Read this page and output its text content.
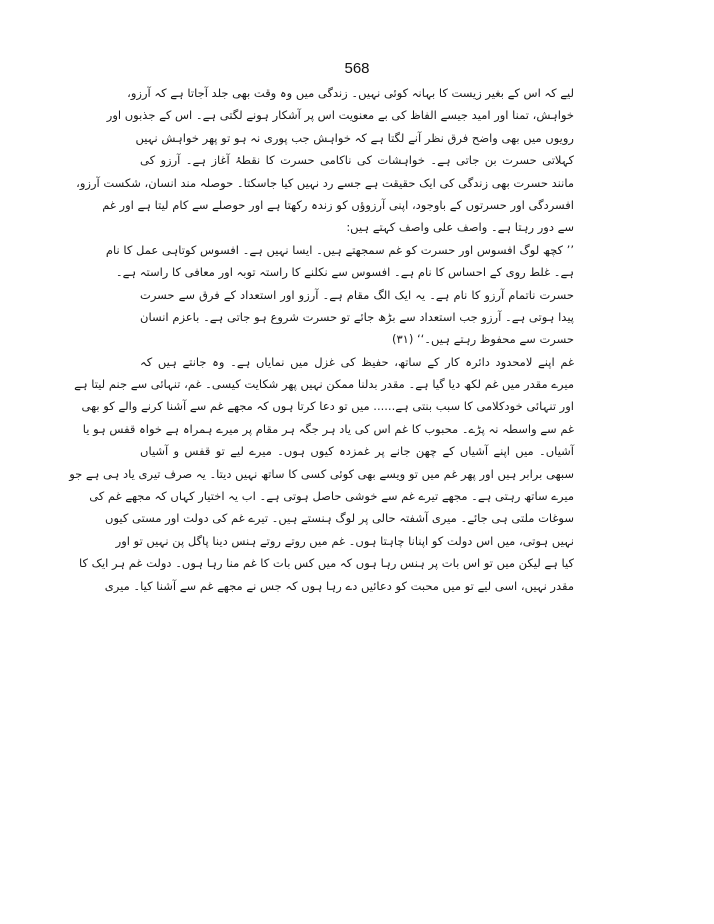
568
لیے کہ اس کے بغیر زیست کا بہانہ کوئی نہیں۔ زندگی میں وہ وقت بھی جلد آجاتا ہے کہ آرزو،
خواہش، تمنا اور امید جیسے الفاظ کی بے معنویت اس پر آشکار ہونے لگتی ہے۔ اس کے جذبوں اور
رویوں میں بھی واضح فرق نظر آنے لگتا ہے کہ خواہش جب پوری نہ ہو تو پھر خواہش نہیں
کہلاتی حسرت بن جاتی ہے۔ خواہشات کی ناکامی حسرت کا نقطۂ آغاز ہے۔ آرزو کی
مانند حسرت بھی زندگی کی ایک حقیقت ہے جسے رد نہیں کیا جاسکتا۔ حوصلہ مند انسان، شکست آرزو،
افسردگی اور حسرتوں کے باوجود، اپنی آرزوؤں کو زندہ رکھتا ہے اور حوصلے سے کام لیتا ہے اور غم
سے دور رہتا ہے۔ واصف علی واصف کہتے ہیں:
’’ کچھ لوگ افسوس اور حسرت کو غم سمجھتے ہیں۔ ایسا نہیں ہے۔ افسوس کوتاہی عمل کا نام
ہے۔ غلط روی کے احساس کا نام ہے۔ افسوس سے نکلنے کا راستہ توبہ اور معافی کا راستہ ہے۔
حسرت ناتمام آرزو کا نام ہے۔ یہ ایک الگ مقام ہے۔ آرزو اور استعداد کے فرق سے حسرت
پیدا ہوتی ہے۔ آرزو جب استعداد سے بڑھ جائے تو حسرت شروع ہو جاتی ہے۔ باعزم انسان
حسرت سے محفوظ رہتے ہیں۔‘‘ (۳۱)
غم اپنے لامحدود دائرہ کار کے ساتھ، حفیظ کی غزل میں نمایاں ہے۔ وہ جانتے ہیں کہ
میرے مقدر میں غم لکھ دیا گیا ہے۔ مقدر بدلنا ممکن نہیں پھر شکایت کیسی۔ غم، تنہائی سے جنم لیتا ہے
اور تنہائی خودکلامی کا سبب بنتی ہے...... میں تو دعا کرتا ہوں کہ مجھے غم سے آشنا کرنے والے کو بھی
غم سے واسطہ نہ پڑے۔ محبوب کا غم اس کی یاد ہر جگہ ہر مقام پر میرے ہمراہ ہے خواہ قفس ہو یا
آشیاں۔ میں اپنے آشیاں کے چھن جانے پر غمزدہ کیوں ہوں۔ میرے لیے تو قفس و آشیاں
سبھی برابر ہیں اور پھر غم میں تو ویسے بھی کوئی کسی کا ساتھ نہیں دیتا۔ یہ صرف تیری یاد ہی ہے جو
میرے ساتھ رہتی ہے۔ مجھے تیرے غم سے خوشی حاصل ہوتی ہے۔ اب یہ اختیار کہاں کہ مجھے غم کی
سوغات ملتی ہی جائے۔ میری آشفتہ حالی پر لوگ ہنستے ہیں۔ تیرے غم کی دولت اور مستی کیوں
نہیں ہوتی، میں اس دولت کو اپنانا چاہتا ہوں۔ غم میں روتے روتے ہنس دینا پاگل پن نہیں تو اور
کیا ہے لیکن میں تو اس بات پر ہنس رہا ہوں کہ میں کس بات کا غم منا رہا ہوں۔ دولت غم ہر ایک کا
مقدر نہیں، اسی لیے تو میں محبت کو دعائیں دے رہا ہوں کہ جس نے مجھے غم سے آشنا کیا۔ میری
